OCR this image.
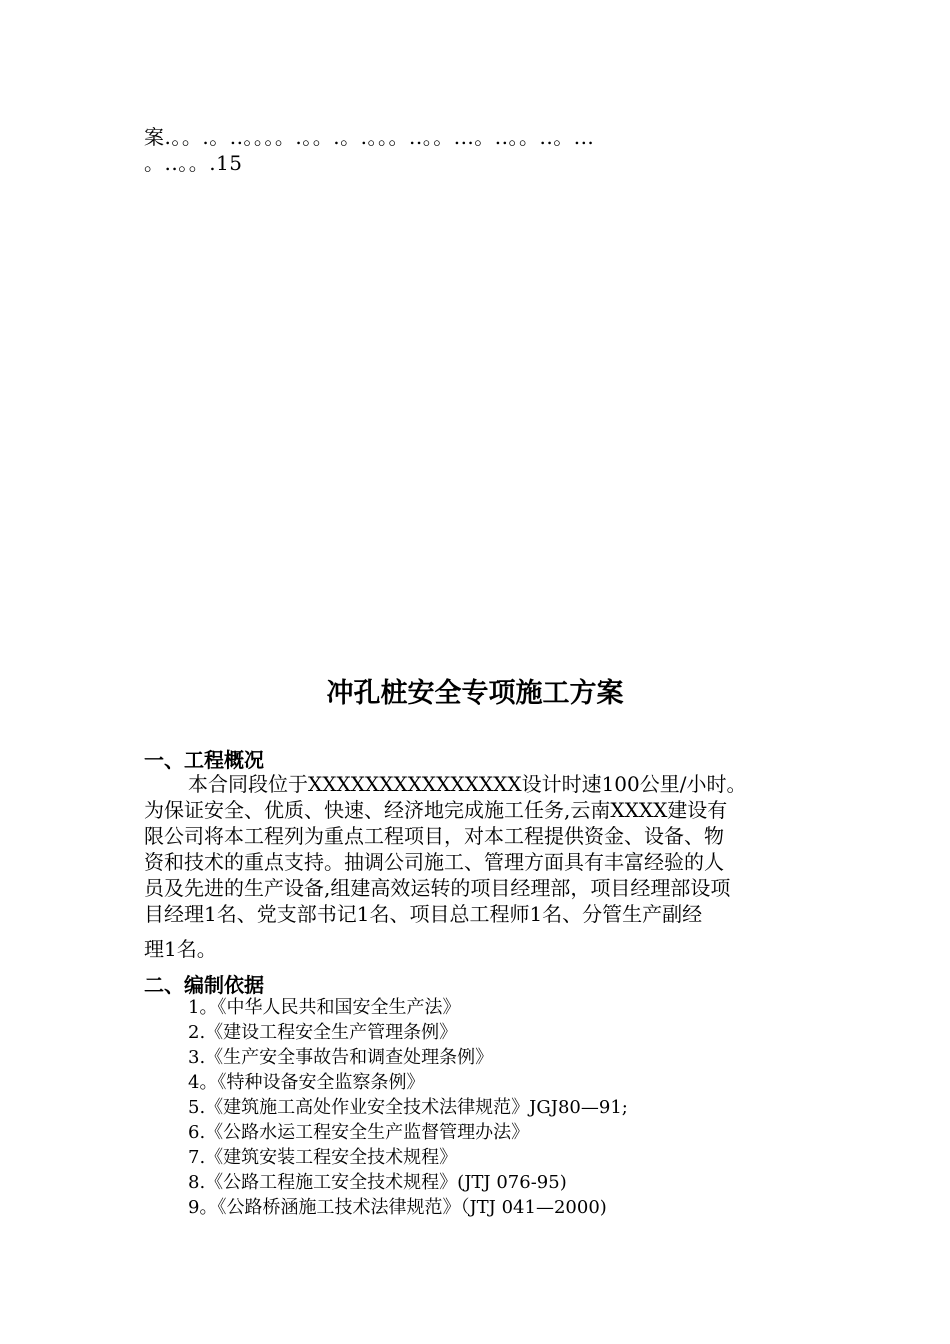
案.。。.。..。。。。.。。.。.。。。..。。...。..。。..。...
。..。。.15
冲孔桩安全专项施工方案
一、工程概况
本合同段位于XXXXXXXXXXXXXXX设计时速100公里/小时。
为保证安全、优质、快速、经济地完成施工任务,云南XXXX建设有
限公司将本工程列为重点工程项目，对本工程提供资金、设备、物
资和技术的重点支持。抽调公司施工、管理方面具有丰富经验的人
员及先进的生产设备,组建高效运转的项目经理部，项目经理部设项
目经理1名、党支部书记1名、项目总工程师1名、分管生产副经
理1名。
二、编制依据
1。《中华人民共和国安全生产法》
2.《建设工程安全生产管理条例》
3.《生产安全事故告和调查处理条例》
4。《特种设备安全监察条例》
5.《建筑施工高处作业安全技术法律规范》JGJ80—91;
6.《公路水运工程安全生产监督管理办法》
7.《建筑安装工程安全技术规程》
8.《公路工程施工安全技术规程》(JTJ 076-95)
9。《公路桥涵施工技术法律规范》（JTJ 041—2000)
